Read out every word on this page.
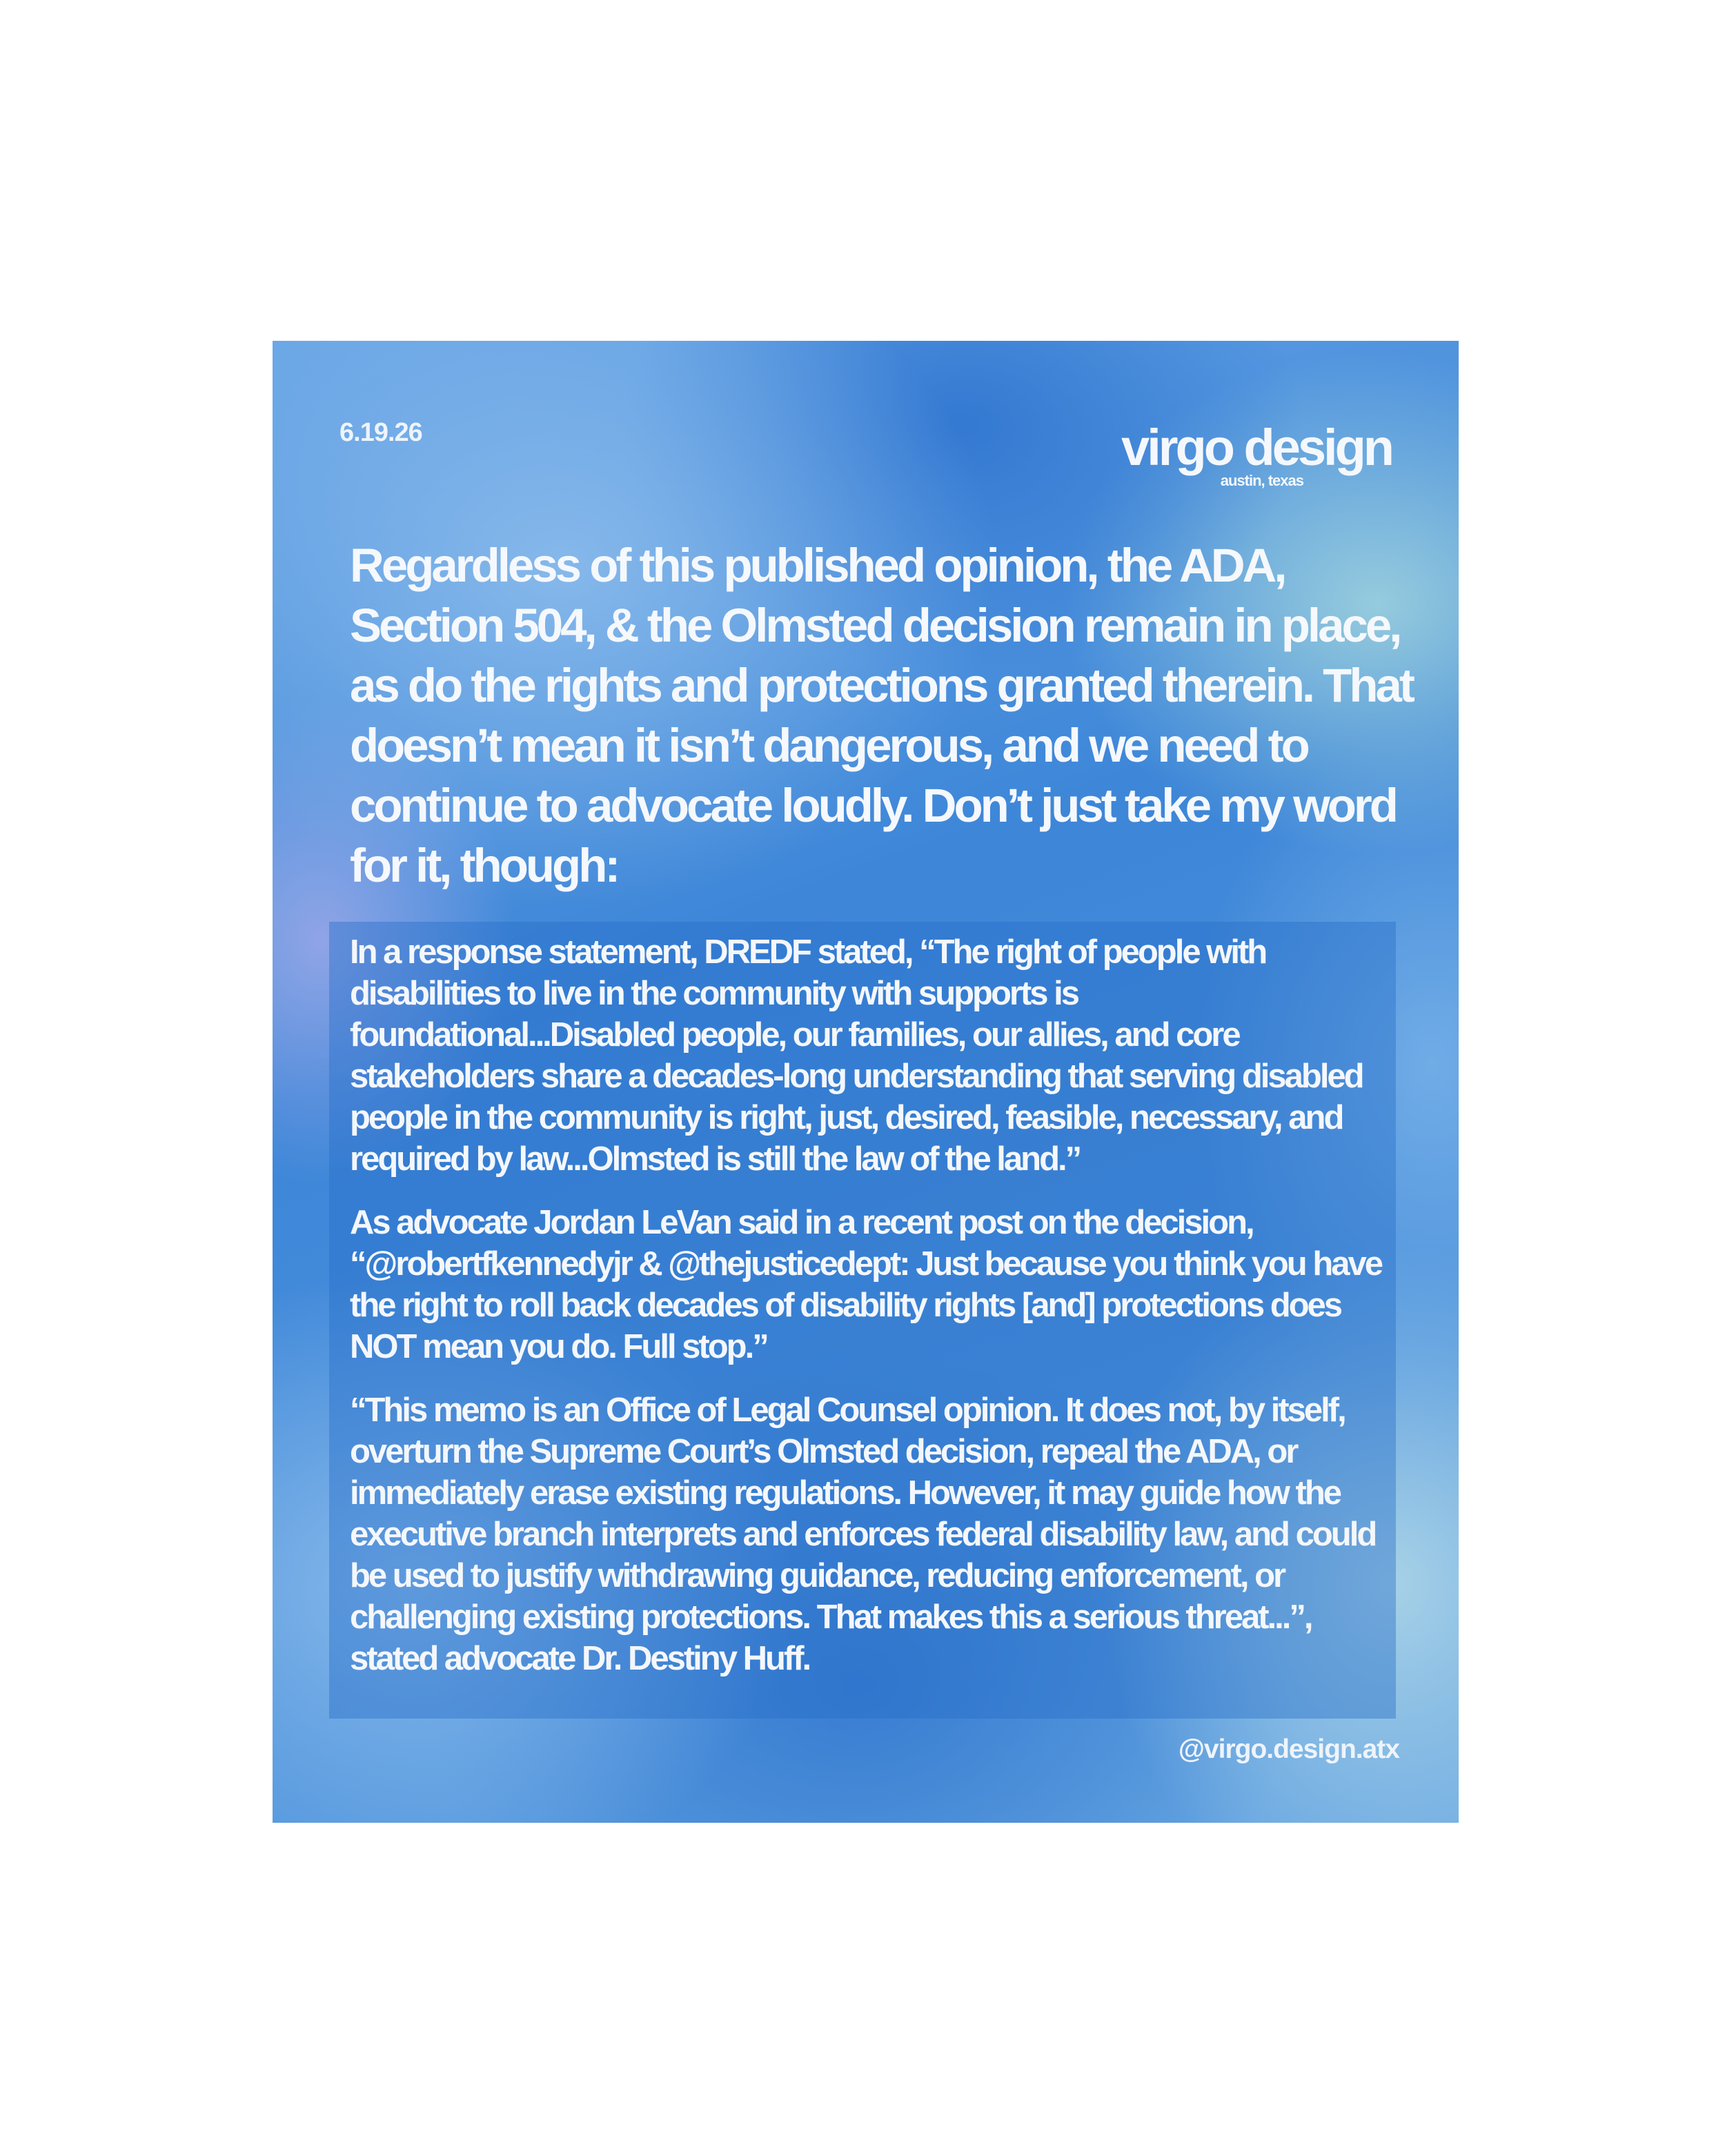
6.19.26	virgo design
austin, texas
Regardless of this published opinion, the ADA, Section 504, & the Olmsted decision remain in place, as do the rights and protections granted therein. That doesn’t mean it isn’t dangerous, and we need to continue to advocate loudly. Don’t just take my word for it, though:

In a response statement, DREDF stated, “The right of people with disabilities to live in the community with supports is foundational...Disabled people, our families, our allies, and core stakeholders share a decades-long understanding that serving disabled people in the community is right, just, desired, feasible, necessary, and required by law...Olmsted is still the law of the land.”

As advocate Jordan LeVan said in a recent post on the decision, “@robertfkennedyjr & @thejusticedept: Just because you think you have the right to roll back decades of disability rights [and] protections does NOT mean you do. Full stop.”

“This memo is an Office of Legal Counsel opinion. It does not, by itself, overturn the Supreme Court’s Olmsted decision, repeal the ADA, or immediately erase existing regulations. However, it may guide how the executive branch interprets and enforces federal disability law, and could be used to justify withdrawing guidance, reducing enforcement, or challenging existing protections. That makes this a serious threat...”, stated advocate Dr. Destiny Huff.

@virgo.design.atx
